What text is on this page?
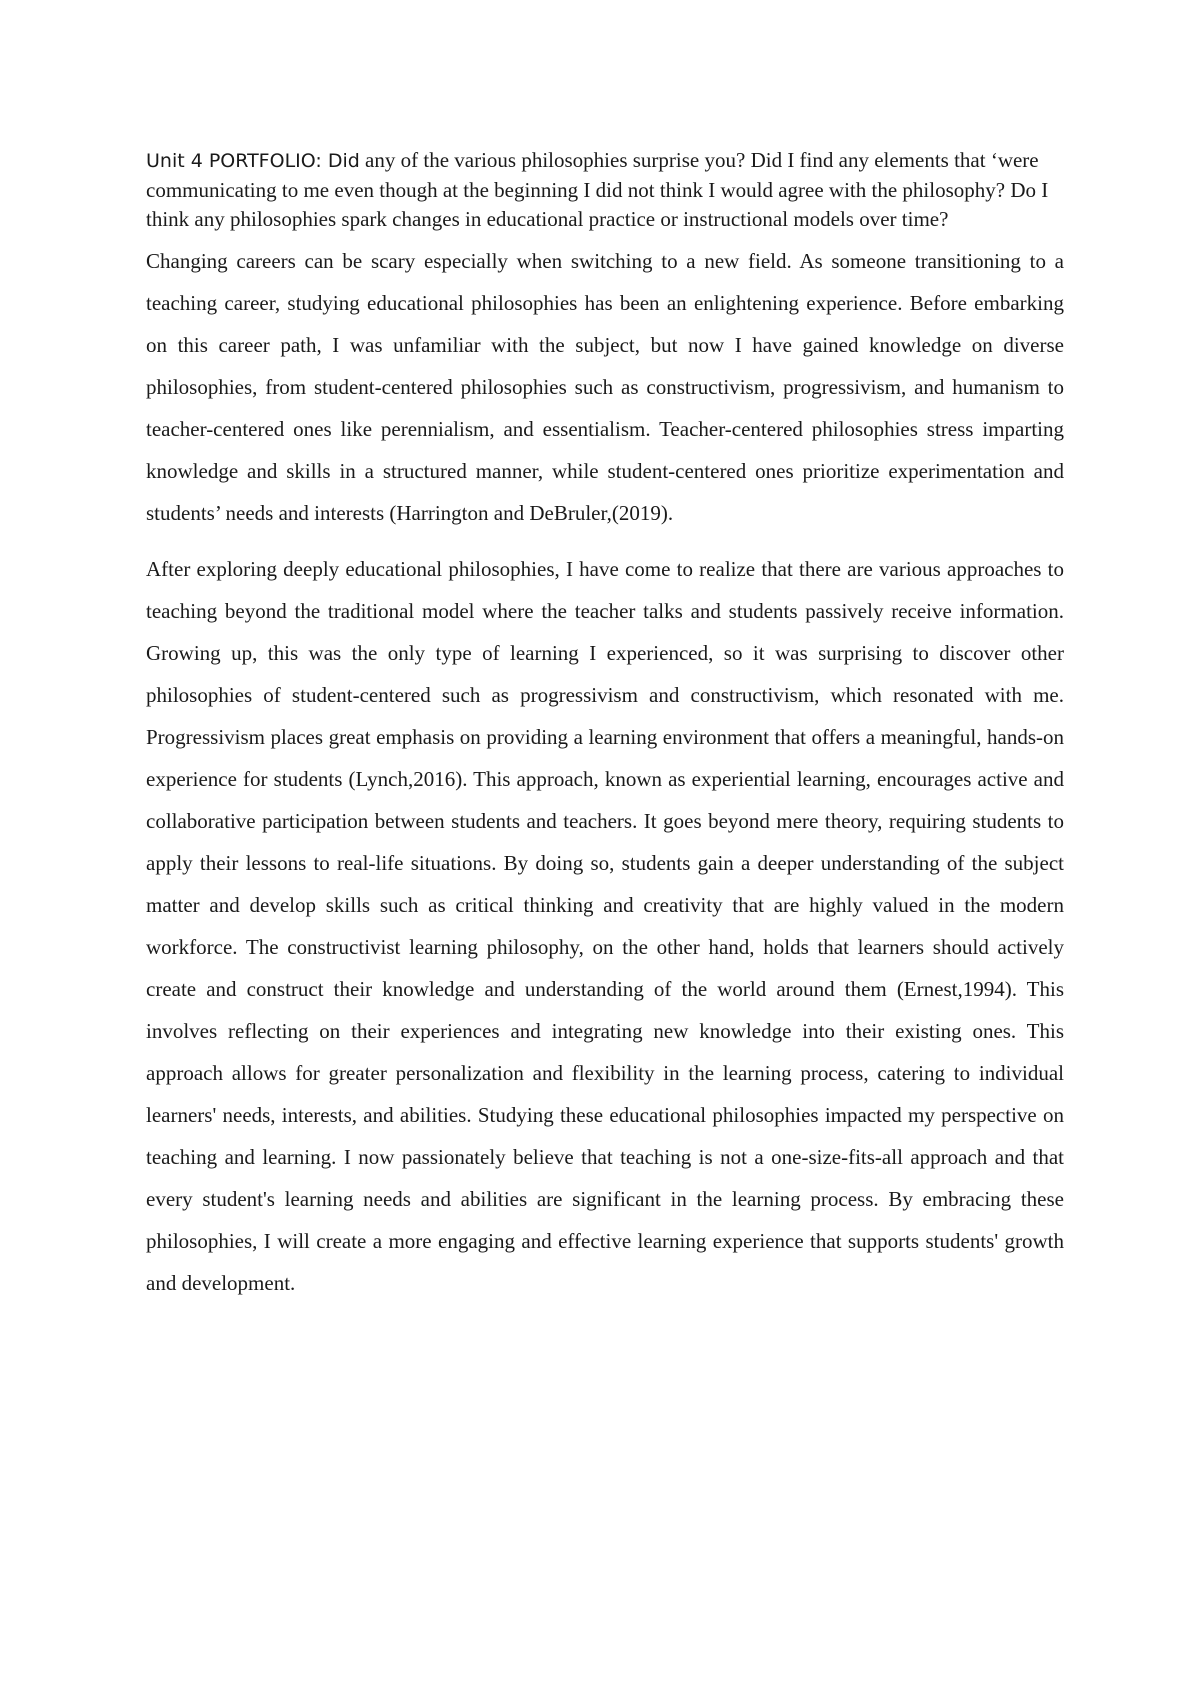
Unit 4 PORTFOLIO: Did any of the various philosophies surprise you? Did I find any elements that ‘were communicating to me even though at the beginning I did not think I would agree with the philosophy? Do I think any philosophies spark changes in educational practice or instructional models over time?

Changing careers can be scary especially when switching to a new field. As someone transitioning to a teaching career, studying educational philosophies has been an enlightening experience. Before embarking on this career path, I was unfamiliar with the subject, but now I have gained knowledge on diverse philosophies, from student-centered philosophies such as constructivism, progressivism, and humanism to teacher-centered ones like perennialism, and essentialism. Teacher-centered philosophies stress imparting knowledge and skills in a structured manner, while student-centered ones prioritize experimentation and students’ needs and interests (Harrington and DeBruler,(2019).

After exploring deeply educational philosophies, I have come to realize that there are various approaches to teaching beyond the traditional model where the teacher talks and students passively receive information. Growing up, this was the only type of learning I experienced, so it was surprising to discover other philosophies of student-centered such as progressivism and constructivism, which resonated with me. Progressivism places great emphasis on providing a learning environment that offers a meaningful, hands-on experience for students (Lynch,2016). This approach, known as experiential learning, encourages active and collaborative participation between students and teachers. It goes beyond mere theory, requiring students to apply their lessons to real-life situations. By doing so, students gain a deeper understanding of the subject matter and develop skills such as critical thinking and creativity that are highly valued in the modern workforce. The constructivist learning philosophy, on the other hand, holds that learners should actively create and construct their knowledge and understanding of the world around them (Ernest,1994). This involves reflecting on their experiences and integrating new knowledge into their existing ones. This approach allows for greater personalization and flexibility in the learning process, catering to individual learners' needs, interests, and abilities. Studying these educational philosophies impacted my perspective on teaching and learning. I now passionately believe that teaching is not a one-size-fits-all approach and that every student's learning needs and abilities are significant in the learning process. By embracing these philosophies, I will create a more engaging and effective learning experience that supports students' growth and development.
